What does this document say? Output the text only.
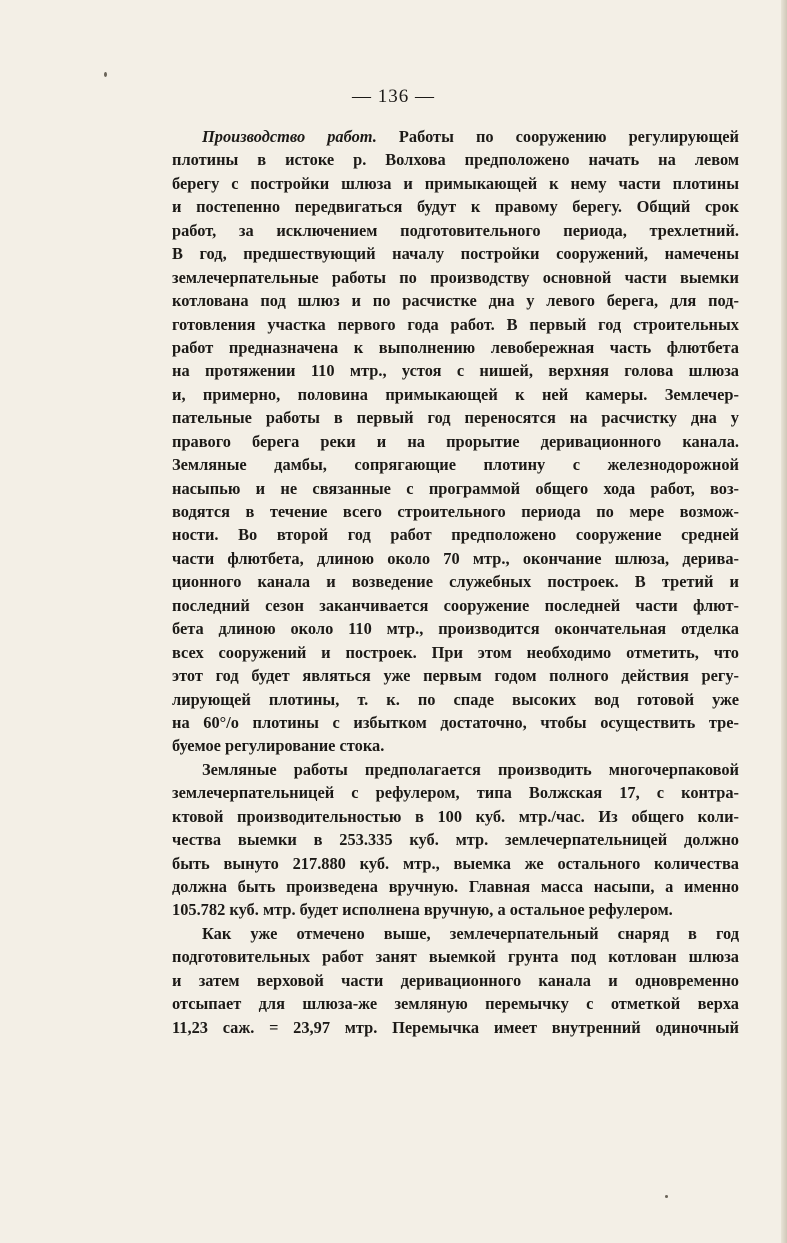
— 136 —
Производство работ. Работы по сооружению регулирующей
плотины в истоке р. Волхова предположено начать на левом
берегу с постройки шлюза и примыкающей к нему части плотины
и постепенно передвигаться будут к правому берегу. Общий срок
работ, за исключением подготовительного периода, трехлетний.
В год, предшествующий началу постройки сооружений, намечены
землечерпательные работы по производству основной части выемки
котлована под шлюз и по расчистке дна у левого берега, для под-
готовления участка первого года работ. В первый год строительных
работ предназначена к выполнению левобережная часть флютбета
на протяжении 110 мтр., устоя с нишей, верхняя голова шлюза
и, примерно, половина примыкающей к ней камеры. Землечер-
пательные работы в первый год переносятся на расчистку дна у
правого берега реки и на прорытие деривационного канала.
Земляные дамбы, сопрягающие плотину с железнодорожной
насыпью и не связанные с программой общего хода работ, воз-
водятся в течение всего строительного периода по мере возмож-
ности. Во второй год работ предположено сооружение средней
части флютбета, длиною около 70 мтр., окончание шлюза, дерива-
ционного канала и возведение служебных построек. В третий и
последний сезон заканчивается сооружение последней части флют-
бета длиною около 110 мтр., производится окончательная отделка
всех сооружений и построек. При этом необходимо отметить, что
этот год будет являться уже первым годом полного действия регу-
лирующей плотины, т. к. по спаде высоких вод готовой уже
на 60°/о плотины с избытком достаточно, чтобы осуществить тре-
буемое регулирование стока.
Земляные работы предполагается производить многочерпаковой
землечерпательницей с рефулером, типа Волжская 17, с контра-
ктовой производительностью в 100 куб. мтр./час. Из общего коли-
чества выемки в 253.335 куб. мтр. землечерпательницей должно
быть вынуто 217.880 куб. мтр., выемка же остального количества
должна быть произведена вручную. Главная масса насыпи, а именно
105.782 куб. мтр. будет исполнена вручную, а остальное рефулером.
Как уже отмечено выше, землечерпательный снаряд в год
подготовительных работ занят выемкой грунта под котлован шлюза
и затем верховой части деривационного канала и одновременно
отсыпает для шлюза-же земляную перемычку с отметкой верха
11,23 саж. = 23,97 мтр. Перемычка имеет внутренний одиночный
